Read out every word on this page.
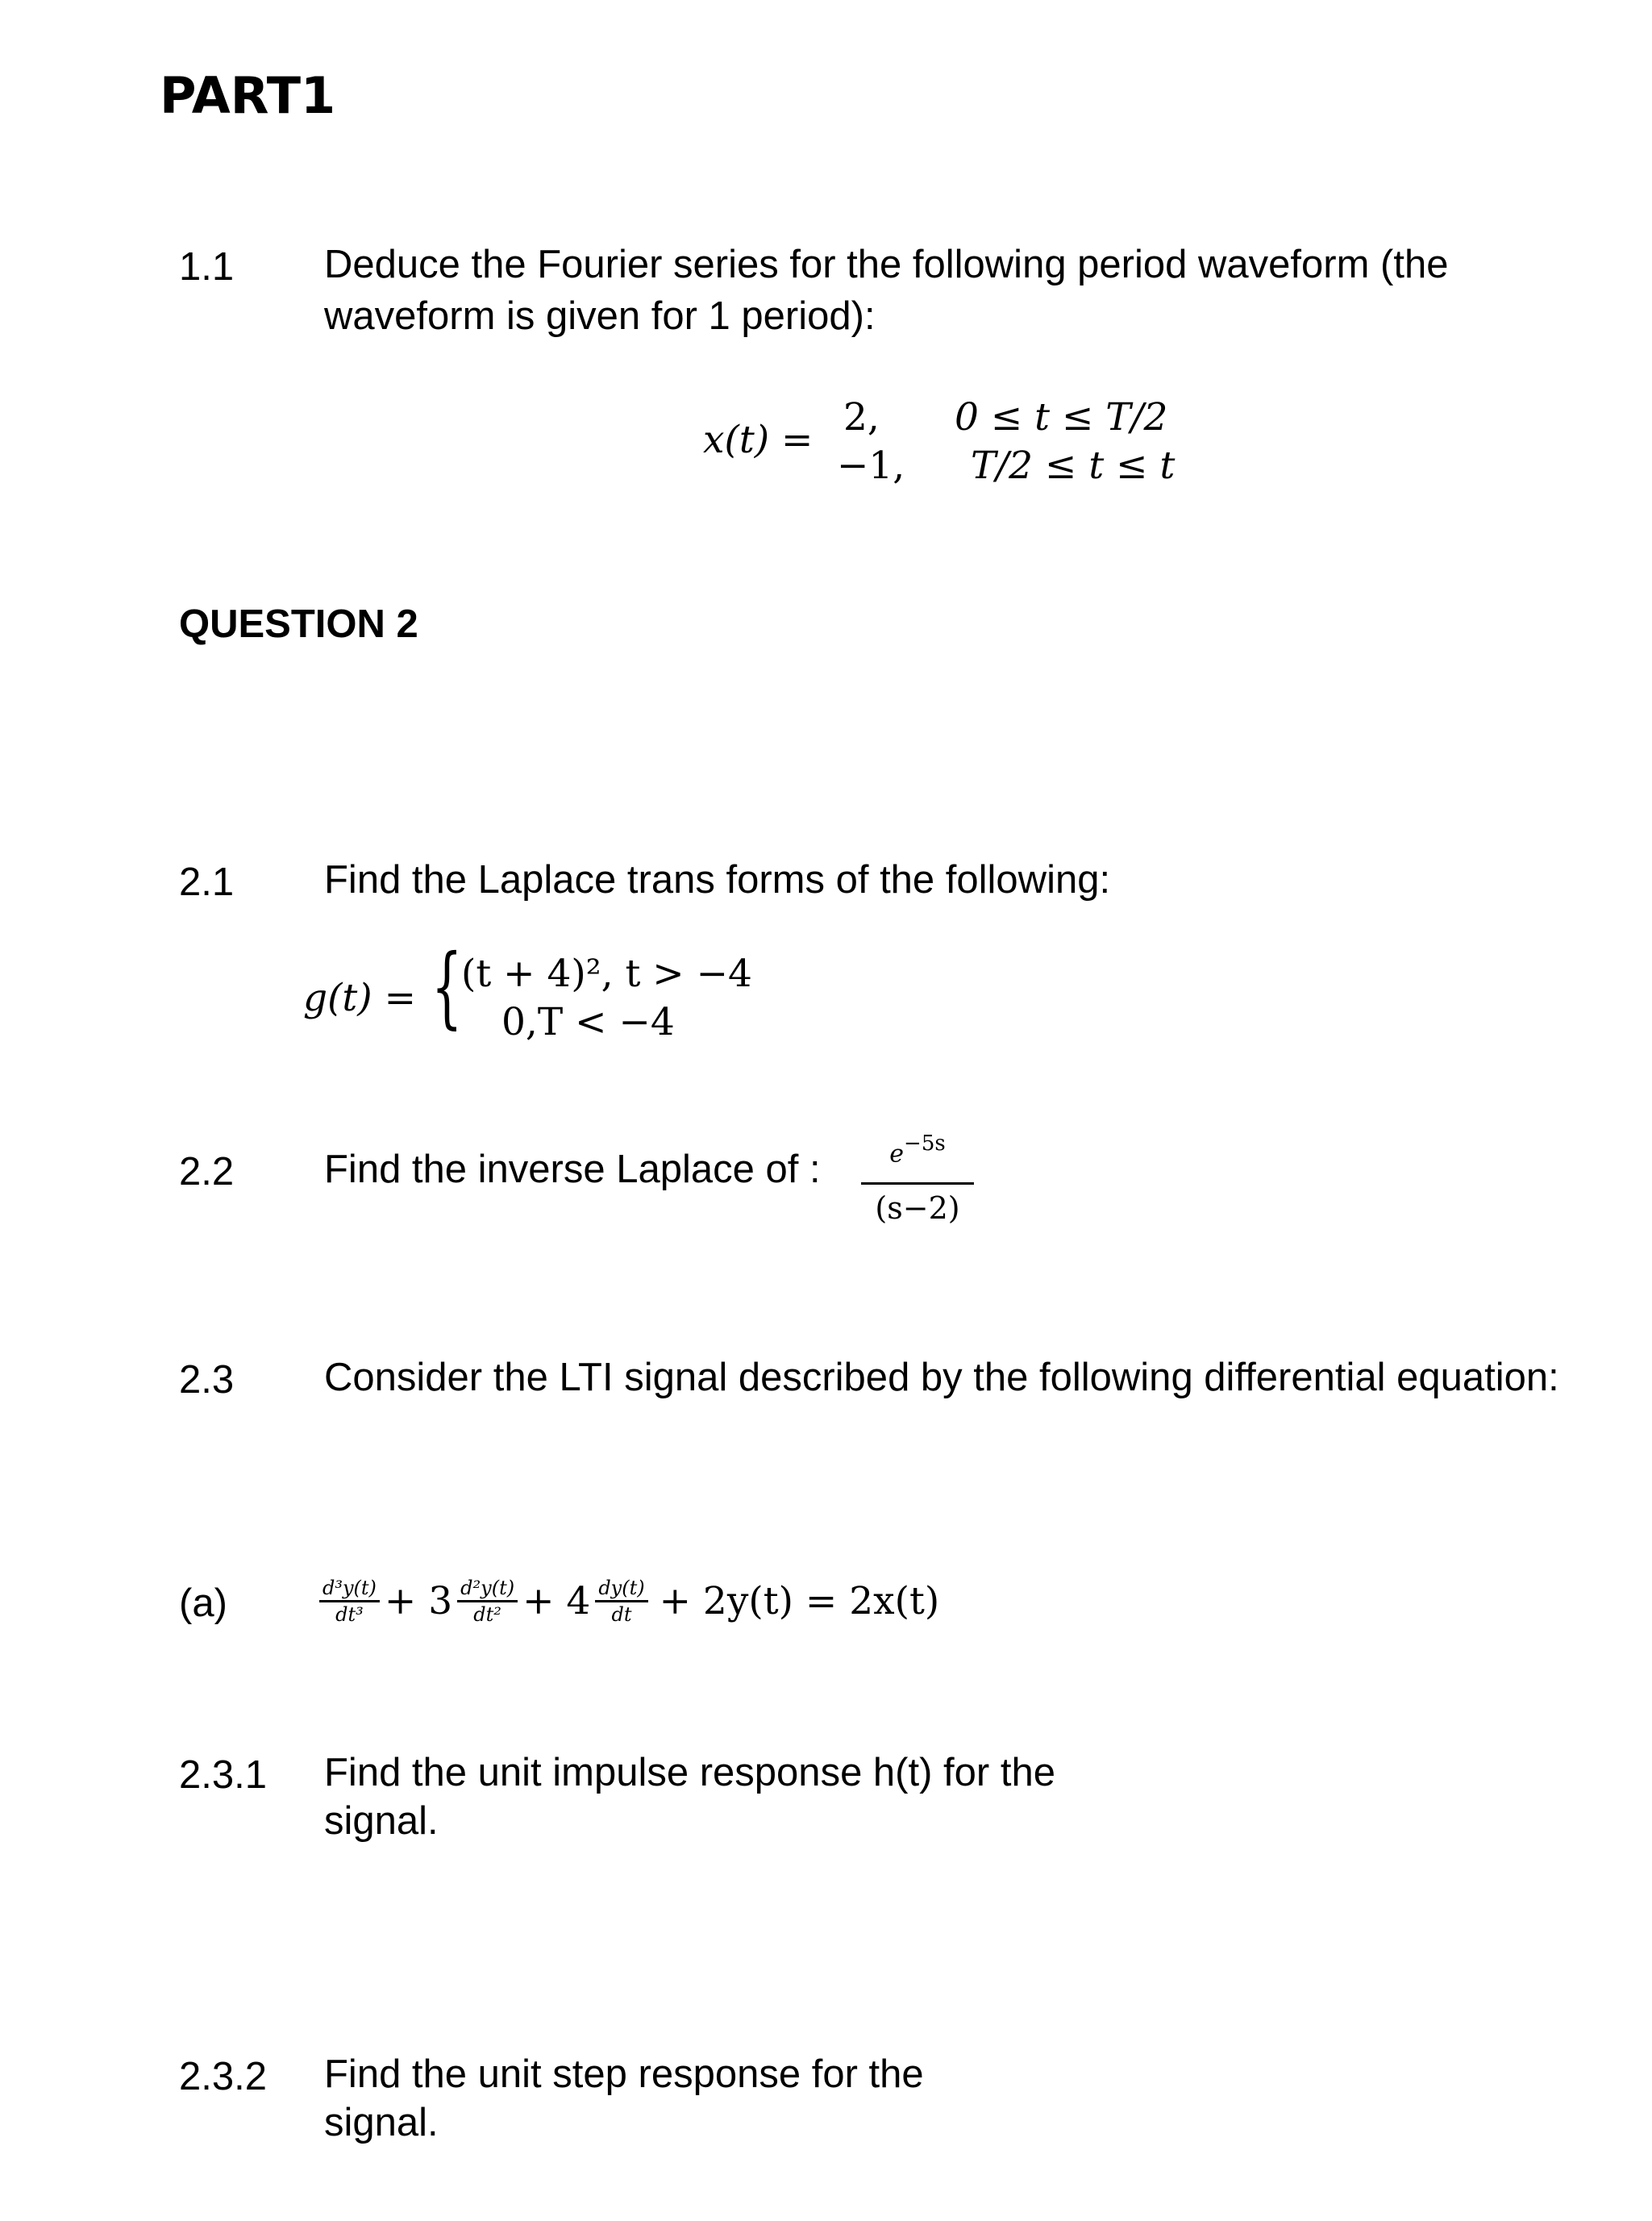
PART1
1.1 Deduce the Fourier series for the following period waveform (the
waveform is given for 1 period):
x(t) =
2,
−1,
0 ≤ t ≤ T/2
T/2 ≤ t ≤ t
QUESTION 2
2.1 Find the Laplace trans forms of the following:
g(t) = {
(t + 4)², t > −4
0,T < −4
2.2 Find the inverse Laplace of :	$e^{-5s}$
(s−2)
2.3 Consider the LTI signal described by the following differential equation:
(a)	$\frac{\text{d³y(t)}}{\text{dt³}} + 3 \frac{\text{d²y(t)}}{\text{dt²}} + 4 \frac{dy(t)}{dt} + 2y(t) = 2x(t)$
2.3.1 Find the unit impulse response h(t) for the
signal.
2.3.2 Find the unit step response for the
signal.
